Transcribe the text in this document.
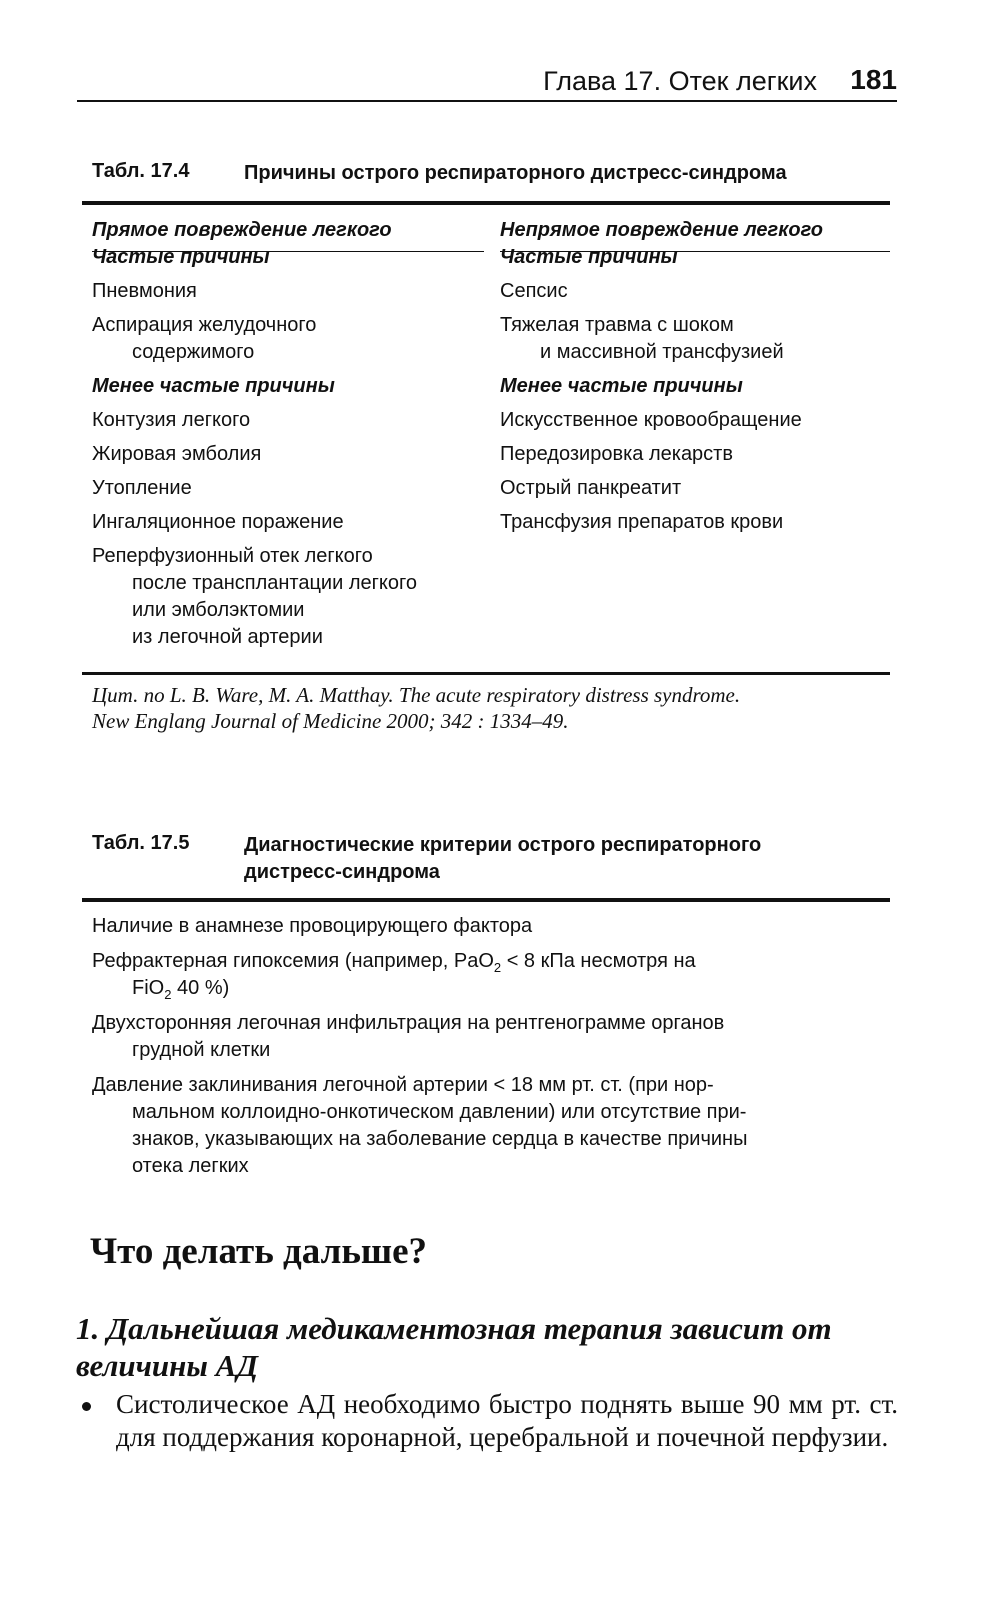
Глава 17. Отек легких 181
Табл. 17.4	Причины острого респираторного дистресс-синдрома
Прямое повреждение легкого
Частые причины
Пневмония
Аспирация желудочного
содержимого
Менее частые причины
Контузия легкого
Жировая эмболия
Утопление
Ингаляционное поражение
Реперфузионный отек легкого
после трансплантации легкого
или эмболэктомии
из легочной артерии
Непрямое повреждение легкого
Частые причины
Сепсис
Тяжелая травма с шоком
и массивной трансфузией
Менее частые причины
Искусственное кровообращение
Передозировка лекарств
Острый панкреатит
Трансфузия препаратов крови
Цит. по L. B. Ware, M. A. Matthay. The acute respiratory distress syndrome.
New Englang Journal of Medicine 2000; 342 : 1334–49.
Табл. 17.5	Диагностические критерии острого респираторного дистресс-синдрома
Наличие в анамнезе провоцирующего фактора
Рефрактерная гипоксемия (например, PaO$_2$ < 8 кПа несмотря на
FiO$_2$ 40 %)
Двухсторонняя легочная инфильтрация на рентгенограмме органов
грудной клетки
Давление заклинивания легочной артерии < 18 мм рт. ст. (при нор-
мальном коллоидно-онкотическом давлении) или отсутствие при-
знаков, указывающих на заболевание сердца в качестве причины
отека легких
Что делать дальше?
1. Дальнейшая медикаментозная терапия зависит от величины АД
Систолическое АД необходимо быстро поднять выше 90 мм рт. ст. для поддержания коронарной, церебральной и почечной перфузии.
